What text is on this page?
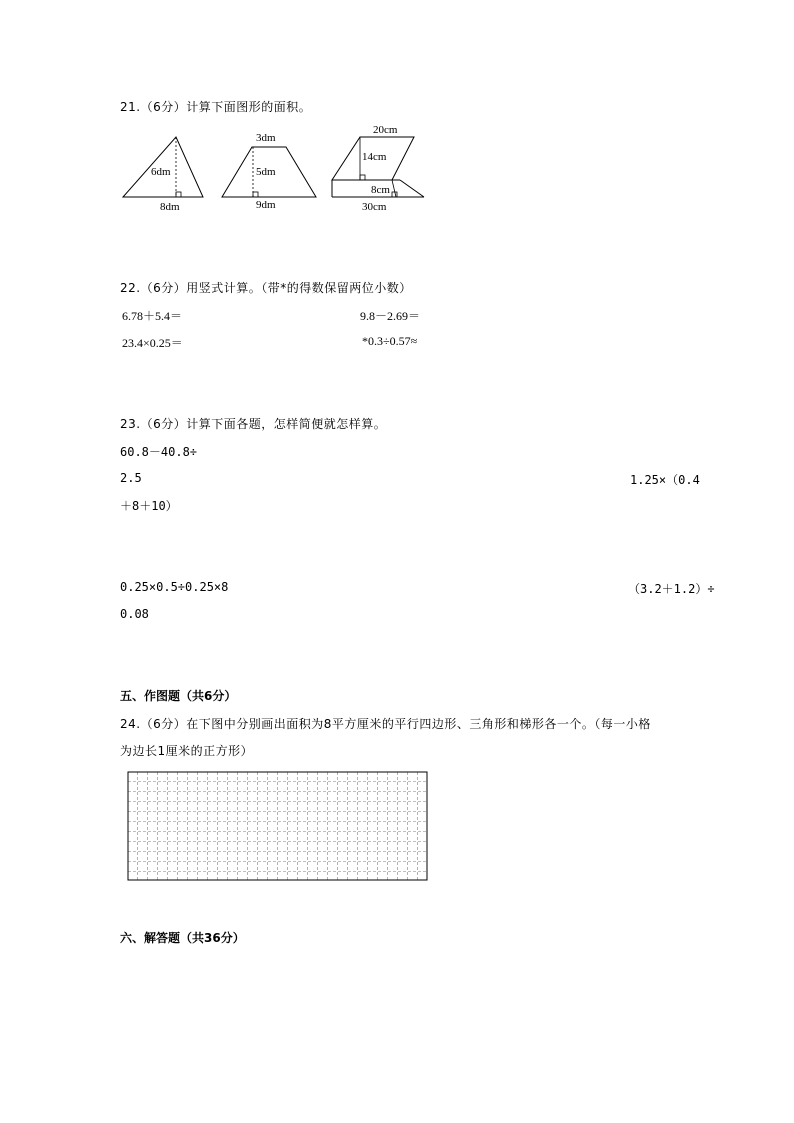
21.（6分）计算下面图形的面积。
6dm
8dm
3dm
5dm
9dm
20cm
14cm
8cm
30cm
22.（6分）用竖式计算。（带*的得数保留两位小数）
6.78＋5.4＝	9.8－2.69＝
23.4×0.25＝	*0.3÷0.57≈
23.（6分）计算下面各题，怎样简便就怎样算。
60.8－40.8÷
2.5	1.25×（0.4
＋8＋10）
0.25×0.5÷0.25×8	（3.2＋1.2）÷
0.08
五、作图题（共6分）
24.（6分）在下图中分别画出面积为8平方厘米的平行四边形、三角形和梯形各一个。（每一小格
为边长1厘米的正方形）
六、解答题（共36分）
